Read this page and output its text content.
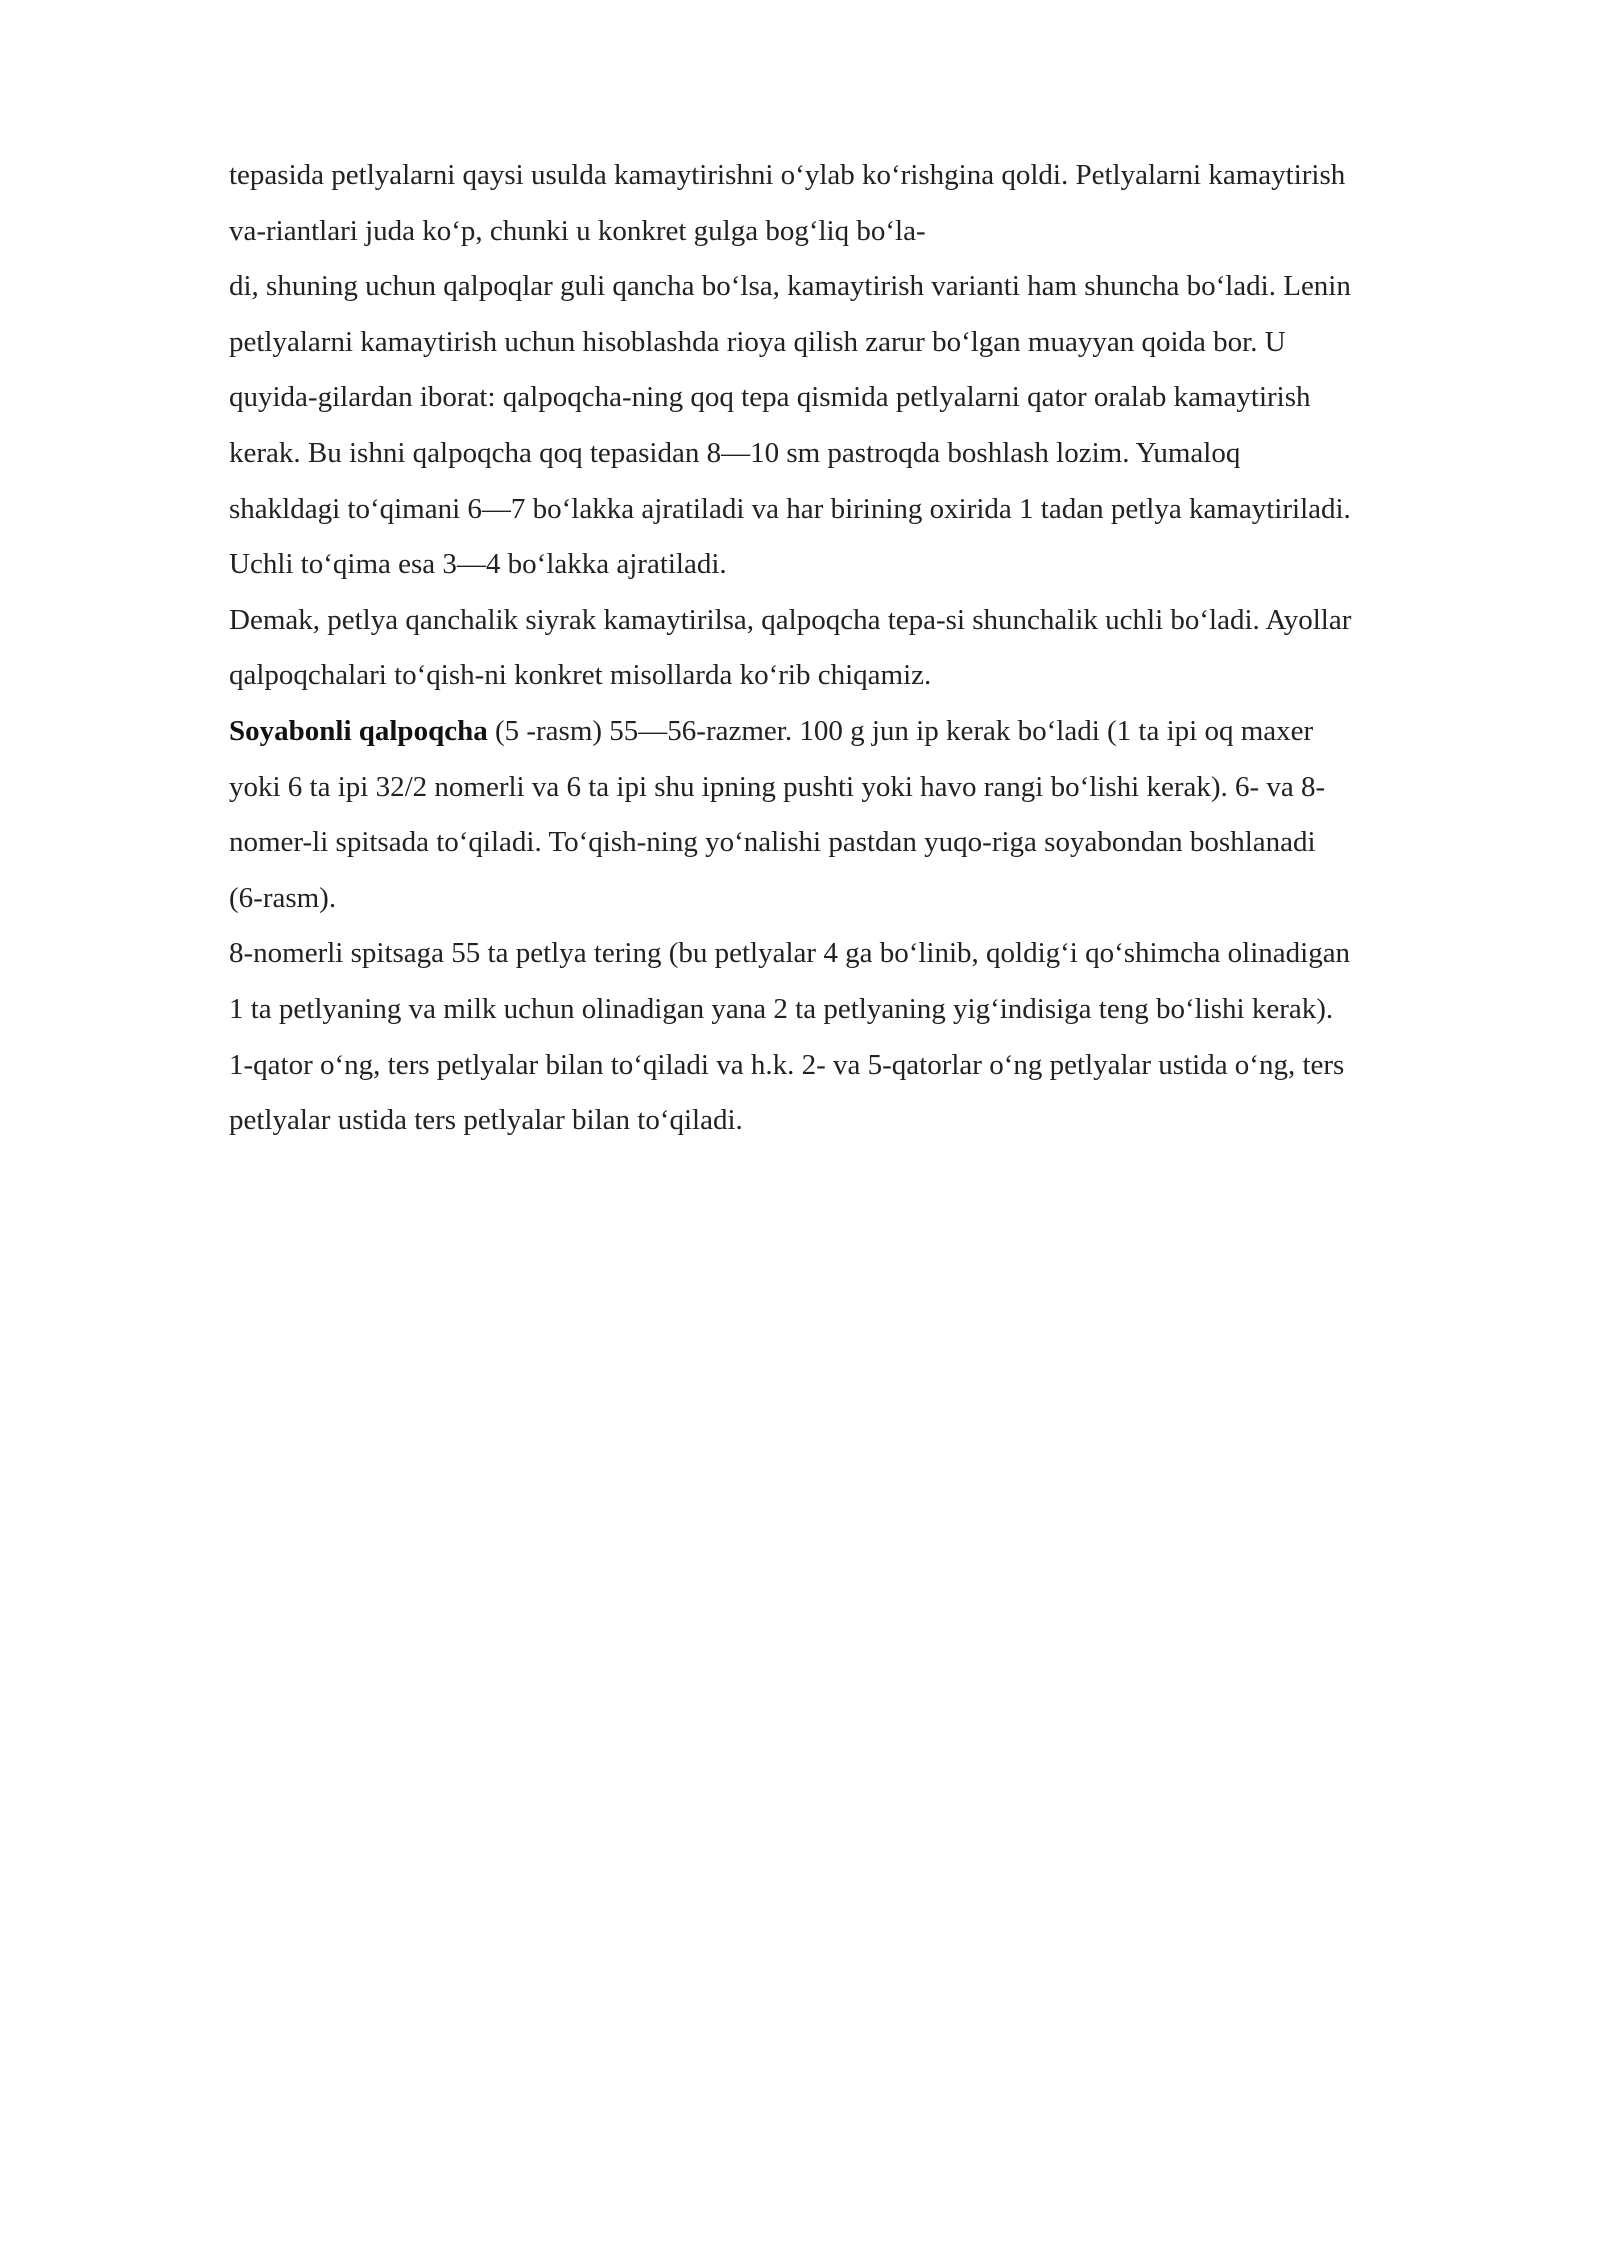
tepasida petlyalarni qaysi usulda kamaytirishni o‘ylab ko‘rishgina qoldi. Petlyalarni kamaytirish
va-riantlari juda ko‘p, chunki u konkret gulga bog‘liq bo‘la-
di, shuning uchun qalpoqlar guli qancha bo‘lsa, kamaytirish varianti ham shuncha bo‘ladi. Lenin
petlyalarni kamaytirish uchun hisoblashda rioya qilish zarur bo‘lgan muayyan qoida bor. U
quyida-gilardan iborat: qalpoqcha-ning qoq tepa qismida petlyalarni qator oralab kamaytirish
kerak. Bu ishni qalpoqcha qoq tepasidan 8—10 sm pastroqda boshlash lozim. Yumaloq
shakldagi to‘qimani 6—7 bo‘lakka ajratiladi va har birining oxirida 1 tadan petlya kamaytiriladi.
Uchli to‘qima esa 3—4 bo‘lakka ajratiladi.
Demak, petlya qanchalik siyrak kamaytirilsa, qalpoqcha tepa-si shunchalik uchli bo‘ladi. Ayollar
qalpoqchalari to‘qish-ni konkret misollarda ko‘rib chiqamiz.
Soyabonli qalpoqcha (5 -rasm) 55—56-razmer. 100 g jun ip kerak bo‘ladi (1 ta ipi oq maxer
yoki 6 ta ipi 32/2 nomerli va 6 ta ipi shu ipning pushti yoki havo rangi bo‘lishi kerak). 6- va 8-
nomer-li spitsada to‘qiladi. To‘qish-ning yo‘nalishi pastdan yuqo-riga soyabondan boshlanadi
(6-rasm).
8-nomerli spitsaga 55 ta petlya tering (bu petlyalar 4 ga bo‘linib, qoldig‘i qo‘shimcha olinadigan
1 ta petlyaning va milk uchun olinadigan yana 2 ta petlyaning yig‘indisiga teng bo‘lishi kerak).
1-qator o‘ng, ters petlyalar bilan to‘qiladi va h.k. 2- va 5-qatorlar o‘ng petlyalar ustida o‘ng, ters
petlyalar ustida ters petlyalar bilan to‘qiladi.
